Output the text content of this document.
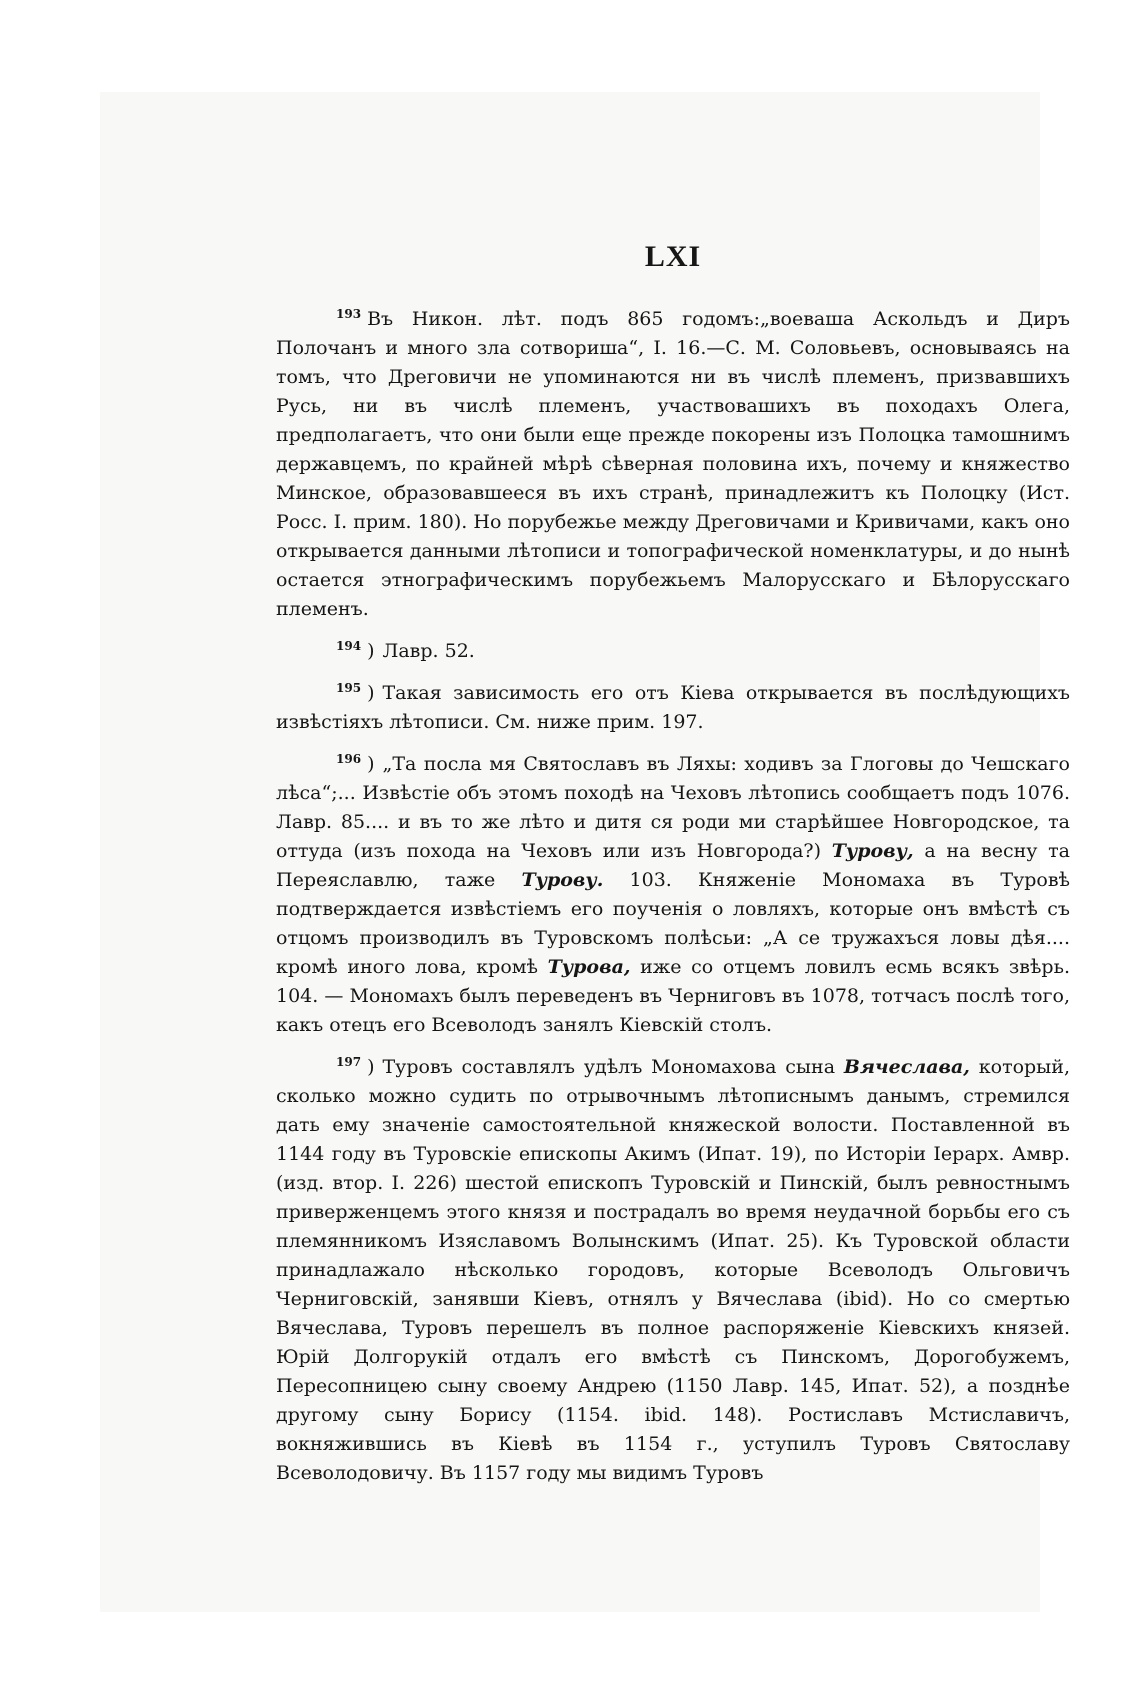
LXI

$^{193}$ Въ Никон. лѣт. подъ 865 годомъ:„воеваша Аскольдъ и Диръ Полочанъ и много зла сотвориша“, I. 16.—С. М. Соловьевъ, основываясь на томъ, что Дреговичи не упоминаются ни въ числѣ племенъ, призвавшихъ Русь, ни въ числѣ племенъ, участвовашихъ въ походахъ Олега, предполагаетъ, что они были еще прежде покорены изъ Полоцка тамошнимъ державцемъ, по крайней мѣрѣ сѣверная половина ихъ, почему и княжество Минское, образовавшееся въ ихъ странѣ, принадлежитъ къ Полоцку (Ист. Росс. I. прим. 180). Но порубежье между Дреговичами и Кривичами, какъ оно открывается данными лѣтописи и топографической номенклатуры, и до нынѣ остается этнографическимъ порубежьемъ Малорусскаго и Бѣлорусскаго племенъ.

$^{194}$ ) Лавр. 52.

$^{195}$ ) Такая зависимость его отъ Кіева открывается въ послѣдующихъ извѣстіяхъ лѣтописи. См. ниже прим. 197.

$^{196}$ ) „Та посла мя Святославъ въ Ляхы: ходивъ за Глоговы до Чешскаго лѣса“;... Извѣстіе объ этомъ походѣ на Чеховъ лѣтопись сообщаетъ подъ 1076. Лавр. 85.... и въ то же лѣто и дитя ся роди ми старѣйшее Новгородское, та оттуда (изъ похода на Чеховъ или изъ Новгорода?) Турову, а на весну та Переяславлю, таже Турову. 103. Княженіе Мономаха въ Туровѣ подтверждается извѣстіемъ его поученія о ловляхъ, которые онъ вмѣстѣ съ отцомъ производилъ въ Туровскомъ полѣсьи: „А се тружахъся ловы дѣя.... кромѣ иного лова, кромѣ Турова, иже со отцемъ ловилъ есмь всякъ звѣрь. 104. — Мономахъ былъ переведенъ въ Черниговъ въ 1078, тотчасъ послѣ того, какъ отецъ его Всеволодъ занялъ Кіевскій столъ.

$^{197}$ ) Туровъ составлялъ удѣлъ Мономахова сына Вячеслава, который, сколько можно судить по отрывочнымъ лѣтописнымъ данымъ, стремился дать ему значеніе самостоятельной княжеской волости. Поставленной въ 1144 году въ Туровскіе епископы Акимъ (Ипат. 19), по Исторіи Іерарх. Амвр. (изд. втор. I. 226) шестой епископъ Туровскій и Пинскій, былъ ревностнымъ приверженцемъ этого князя и пострадалъ во время неудачной борьбы его съ племянникомъ Изяславомъ Волынскимъ (Ипат. 25). Къ Туровской области принадлажало нѣсколько городовъ, которые Всеволодъ Ольговичъ Черниговскій, занявши Кіевъ, отнялъ у Вячеслава (ibid). Но со смертью Вячеслава, Туровъ перешелъ въ полное распоряженіе Кіевскихъ князей. Юрій Долгорукій отдалъ его вмѣстѣ съ Пинскомъ, Дорогобужемъ, Пересопницею сыну своему Андрею (1150 Лавр. 145, Ипат. 52), а позднѣе другому сыну Борису (1154. ibid. 148). Ростиславъ Мстиславичъ, вокняжившись въ Кіевѣ въ 1154 г., уступилъ Туровъ Святославу Всеволодовичу. Въ 1157 году мы видимъ Туровъ
